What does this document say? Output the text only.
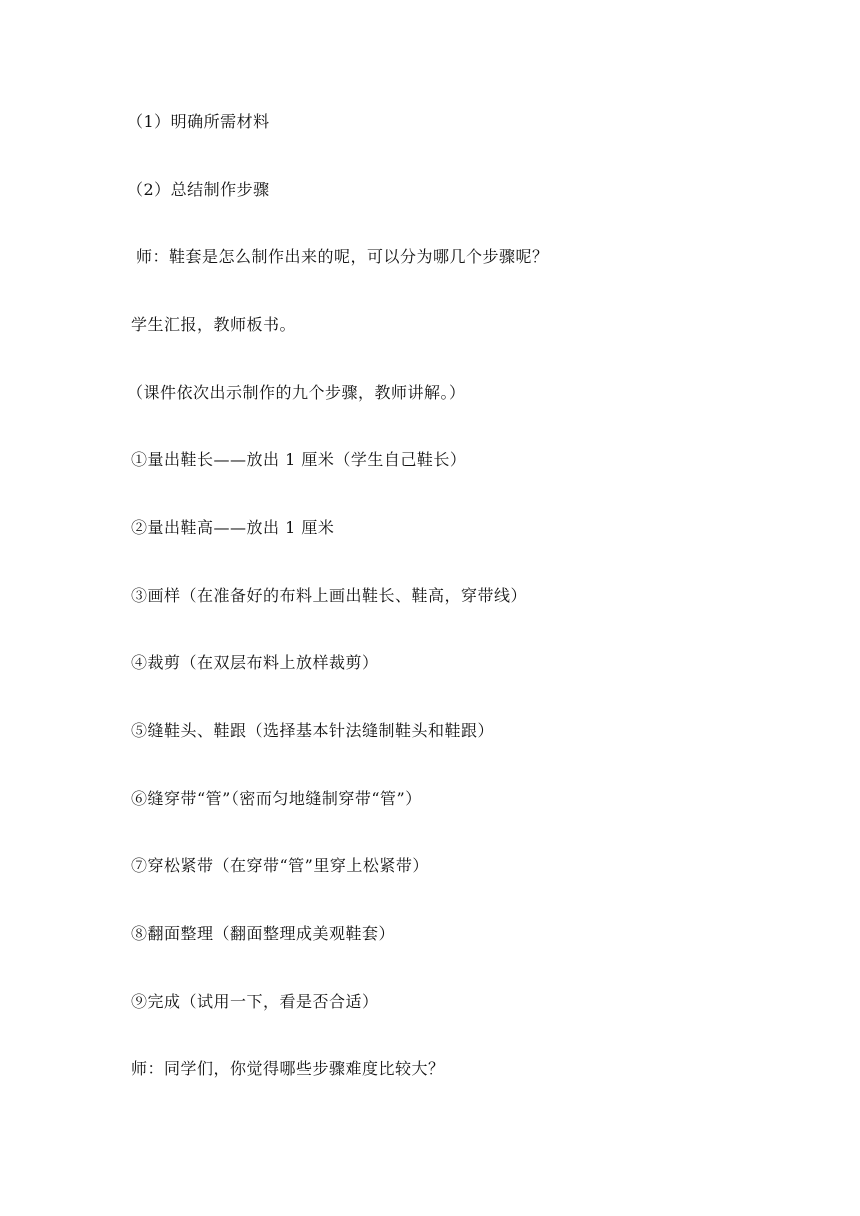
（1）明确所需材料
（2）总结制作步骤
师：鞋套是怎么制作出来的呢，可以分为哪几个步骤呢？
学生汇报，教师板书。
（课件依次出示制作的九个步骤，教师讲解。）
①量出鞋长——放出 1 厘米（学生自己鞋长）
②量出鞋高——放出 1 厘米
③画样（在准备好的布料上画出鞋长、鞋高，穿带线）
④裁剪（在双层布料上放样裁剪）
⑤缝鞋头、鞋跟（选择基本针法缝制鞋头和鞋跟）
⑥缝穿带“管”（密而匀地缝制穿带“管”）
⑦穿松紧带（在穿带“管”里穿上松紧带）
⑧翻面整理（翻面整理成美观鞋套）
⑨完成（试用一下，看是否合适）
师：同学们，你觉得哪些步骤难度比较大？
